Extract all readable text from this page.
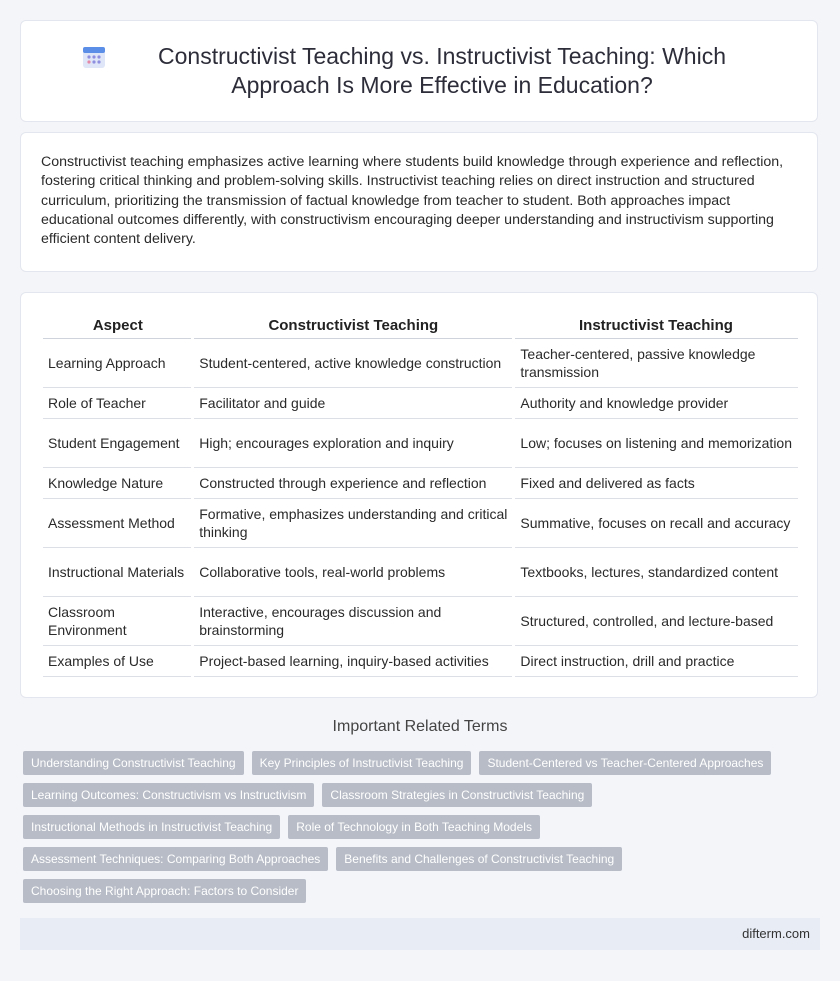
Constructivist Teaching vs. Instructivist Teaching: Which Approach Is More Effective in Education?

Constructivist teaching emphasizes active learning where students build knowledge through experience and reflection, fostering critical thinking and problem-solving skills. Instructivist teaching relies on direct instruction and structured curriculum, prioritizing the transmission of factual knowledge from teacher to student. Both approaches impact educational outcomes differently, with constructivism encouraging deeper understanding and instructivism supporting efficient content delivery.

Aspect	Constructivist Teaching	Instructivist Teaching
Learning Approach	Student-centered, active knowledge construction	Teacher-centered, passive knowledge transmission
Role of Teacher	Facilitator and guide	Authority and knowledge provider
Student Engagement	High; encourages exploration and inquiry	Low; focuses on listening and memorization
Knowledge Nature	Constructed through experience and reflection	Fixed and delivered as facts
Assessment Method	Formative, emphasizes understanding and critical thinking	Summative, focuses on recall and accuracy
Instructional Materials	Collaborative tools, real-world problems	Textbooks, lectures, standardized content
Classroom Environment	Interactive, encourages discussion and brainstorming	Structured, controlled, and lecture-based
Examples of Use	Project-based learning, inquiry-based activities	Direct instruction, drill and practice
Important Related Terms
Understanding Constructivist Teaching	Key Principles of Instructivist Teaching	Student-Centered vs Teacher-Centered Approaches
Learning Outcomes: Constructivism vs Instructivism	Classroom Strategies in Constructivist Teaching
Instructional Methods in Instructivist Teaching	Role of Technology in Both Teaching Models
Assessment Techniques: Comparing Both Approaches	Benefits and Challenges of Constructivist Teaching
Choosing the Right Approach: Factors to Consider
difterm.com
